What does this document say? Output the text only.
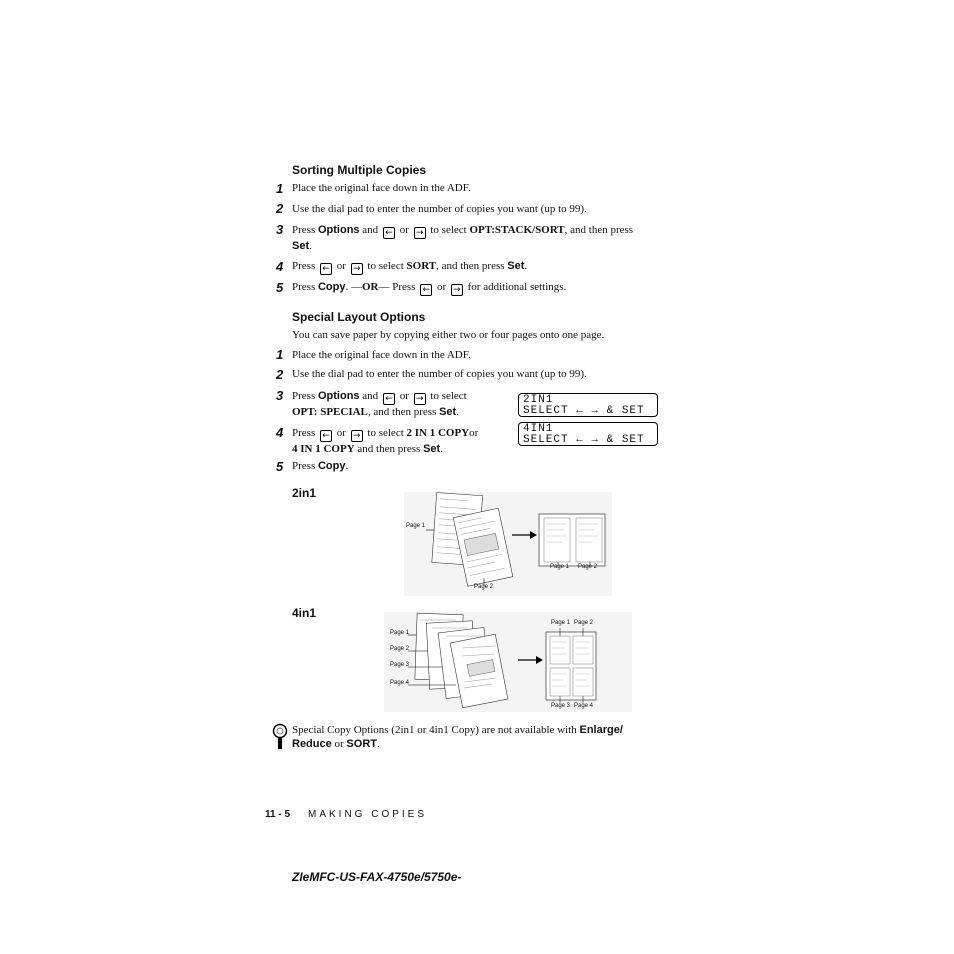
Sorting Multiple Copies
1 Place the original face down in the ADF.
2 Use the dial pad to enter the number of copies you want (up to 99).
3 Press Options and ← or → to select OPT:STACK/SORT, and then press
Set.
4 Press ← or → to select SORT, and then press Set.
5 Press Copy. —OR— Press ← or → for additional settings.
Special Layout Options
You can save paper by copying either two or four pages onto one page.
1 Place the original face down in the ADF.
2 Use the dial pad to enter the number of copies you want (up to 99).
3 Press Options and ← or → to select
OPT: SPECIAL, and then press Set.
4 Press ← or → to select 2 IN 1 COPYor
4 IN 1 COPY and then press Set.
5 Press Copy.
2IN1
SELECT ← → & SET
4IN1
SELECT ← → & SET
2in1
Page 1
Page 2
Page 1 Page 2
4in1
Page 1
Page 2
Page 3
Page 4
Page 1 Page 2
Page 3 Page 4
Special Copy Options (2in1 or 4in1 Copy) are not available with Enlarge/
Reduce or SORT.
11 - 5 MAKING COPIES
ZIeMFC-US-FAX-4750e/5750e-
